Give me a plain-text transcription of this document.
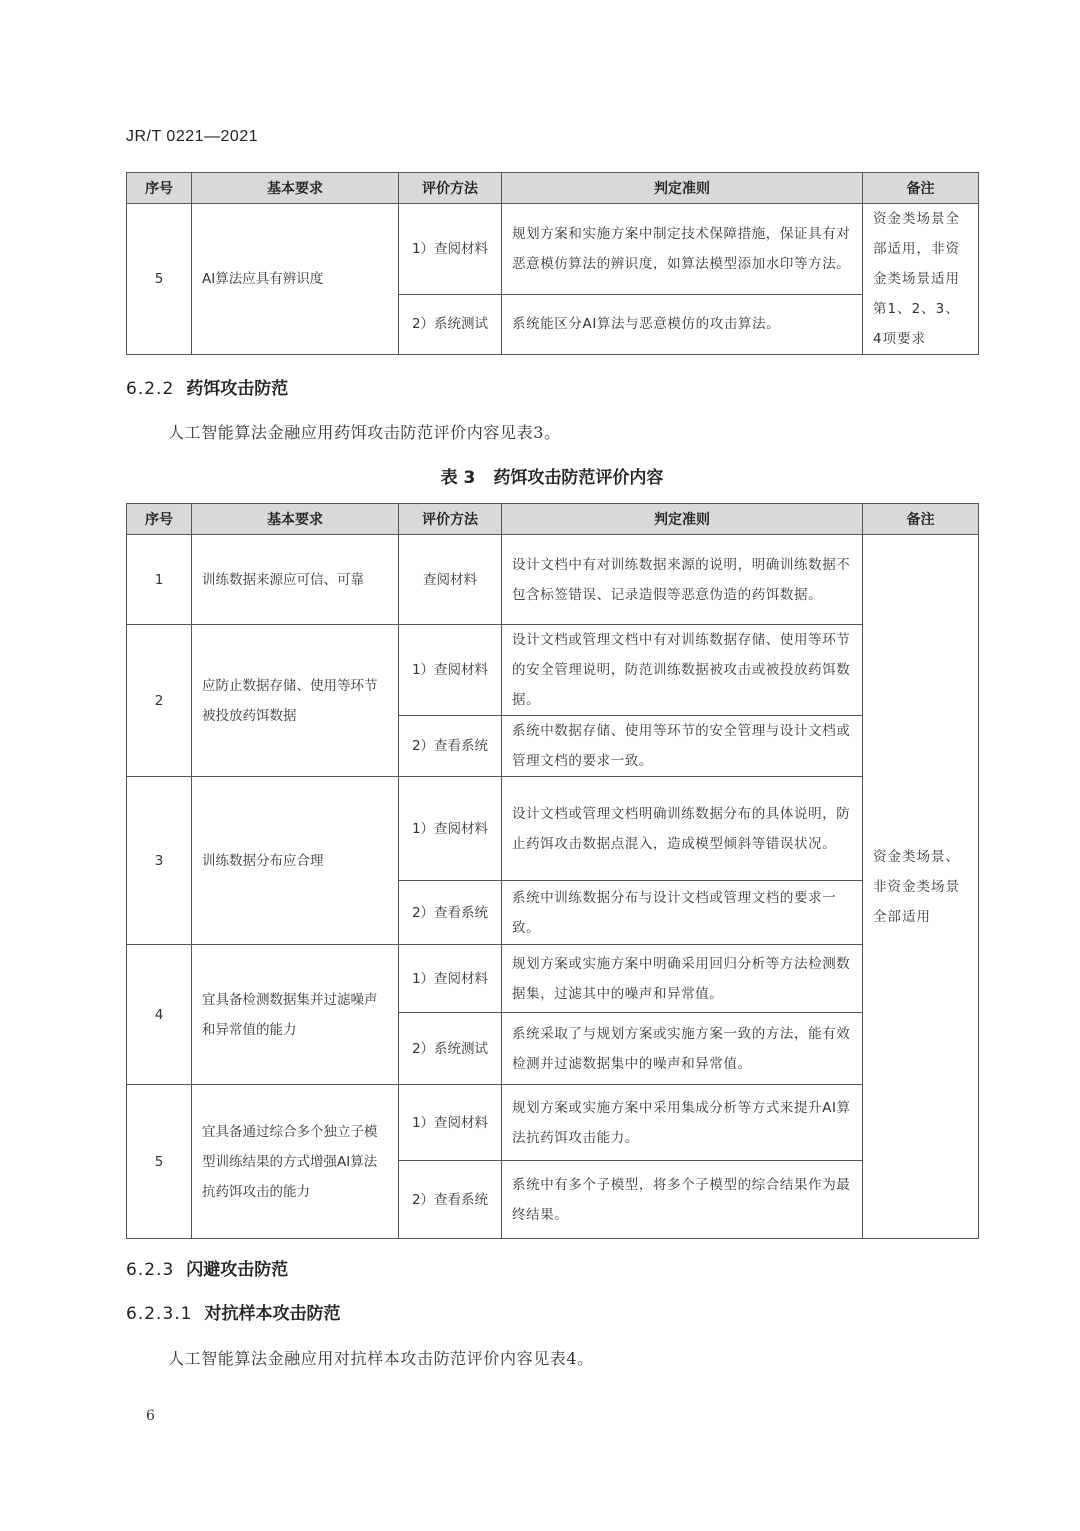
JR/T 0221—2021
序号	基本要求	评价方法	判定准则	备注
5	AI算法应具有辨识度	1）查阅材料	规划方案和实施方案中制定技术保障措施，保证具有对恶意模仿算法的辨识度，如算法模型添加水印等方法。	资金类场景全部适用，非资金类场景适用第1、2、3、4项要求
		2）系统测试	系统能区分AI算法与恶意模仿的攻击算法。	
6.2.2 药饵攻击防范
人工智能算法金融应用药饵攻击防范评价内容见表3。
表 3 药饵攻击防范评价内容
序号	基本要求	评价方法	判定准则	备注
1	训练数据来源应可信、可靠	查阅材料	设计文档中有对训练数据来源的说明，明确训练数据不包含标签错误、记录造假等恶意伪造的药饵数据。	资金类场景、非资金类场景全部适用
2	应防止数据存储、使用等环节被投放药饵数据	1）查阅材料	设计文档或管理文档中有对训练数据存储、使用等环节的安全管理说明，防范训练数据被攻击或被投放药饵数据。	
		2）查看系统	系统中数据存储、使用等环节的安全管理与设计文档或管理文档的要求一致。	
3	训练数据分布应合理	1）查阅材料	设计文档或管理文档明确训练数据分布的具体说明，防止药饵攻击数据点混入，造成模型倾斜等错误状况。	
		2）查看系统	系统中训练数据分布与设计文档或管理文档的要求一致。	
4	宜具备检测数据集并过滤噪声和异常值的能力	1）查阅材料	规划方案或实施方案中明确采用回归分析等方法检测数据集，过滤其中的噪声和异常值。	
		2）系统测试	系统采取了与规划方案或实施方案一致的方法，能有效检测并过滤数据集中的噪声和异常值。	
5	宜具备通过综合多个独立子模型训练结果的方式增强AI算法抗药饵攻击的能力	1）查阅材料	规划方案或实施方案中采用集成分析等方式来提升AI算法抗药饵攻击能力。	
		2）查看系统	系统中有多个子模型，将多个子模型的综合结果作为最终结果。	
6.2.3 闪避攻击防范
6.2.3.1 对抗样本攻击防范
人工智能算法金融应用对抗样本攻击防范评价内容见表4。
6
